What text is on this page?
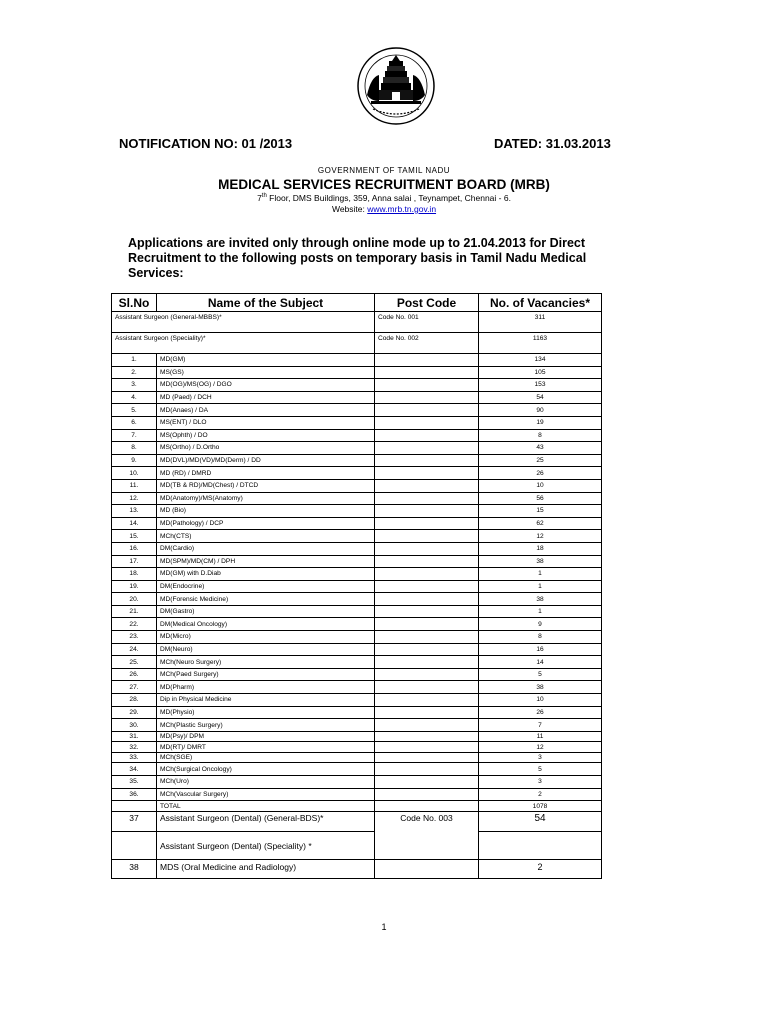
NOTIFICATION NO: 01 /2013	DATED: 31.03.2013
GOVERNMENT OF TAMIL NADU
MEDICAL SERVICES RECRUITMENT BOARD (MRB)
7th Floor, DMS Buildings, 359, Anna salai , Teynampet, Chennai - 6.
Website: www.mrb.tn.gov.in
Applications are invited only through online mode up to 21.04.2013 for Direct Recruitment to the following posts on temporary basis in Tamil Nadu Medical Services:
Sl.No	Name of the Subject	Post Code	No. of Vacancies*
Assistant Surgeon (General-MBBS)*		Code No. 001	311
Assistant Surgeon (Speciality)*		Code No. 002	1163
1.	MD(GM)		134
2.	MS(GS)		105
3.	MD(OG)/MS(OG) / DGO		153
4.	MD (Paed) / DCH		54
5.	MD(Anaes) / DA		90
6.	MS(ENT) / DLO		19
7.	MS(Ophth) / DO		8
8.	MS(Ortho) / D.Ortho		43
9.	MD(DVL)/MD(VD)/MD(Derm) / DD		25
10.	MD (RD) / DMRD		26
11.	MD(TB & RD)/MD(Chest) / DTCD		10
12.	MD(Anatomy)/MS(Anatomy)		56
13.	MD (Bio)		15
14.	MD(Pathology) / DCP		62
15.	MCh(CTS)		12
16.	DM(Cardio)		18
17.	MD(SPM)/MD(CM) / DPH		38
18.	MD(GM) with D.Diab		1
19.	DM(Endocrine)		1
20.	MD(Forensic Medicine)		38
21.	DM(Gastro)		1
22.	DM(Medical Oncology)		9
23.	MD(Micro)		8
24.	DM(Neuro)		16
25.	MCh(Neuro Surgery)		14
26.	MCh(Paed Surgery)		5
27.	MD(Pharm)		38
28.	Dip in Physical Medicine		10
29.	MD(Physio)		26
30.	MCh(Plastic Surgery)		7
31.	MD(Psy)/ DPM		11
32.	MD(RT)/ DMRT		12
33.	MCh(SGE)		3
34.	MCh(Surgical Oncology)		5
35.	MCh(Uro)		3
36.	MCh(Vascular Surgery)		2
	TOTAL		1078
37	Assistant Surgeon (Dental) (General-BDS)*	Code No. 003	54
	Assistant Surgeon (Dental) (Speciality) *		
38	MDS (Oral Medicine and Radiology)		2
1
